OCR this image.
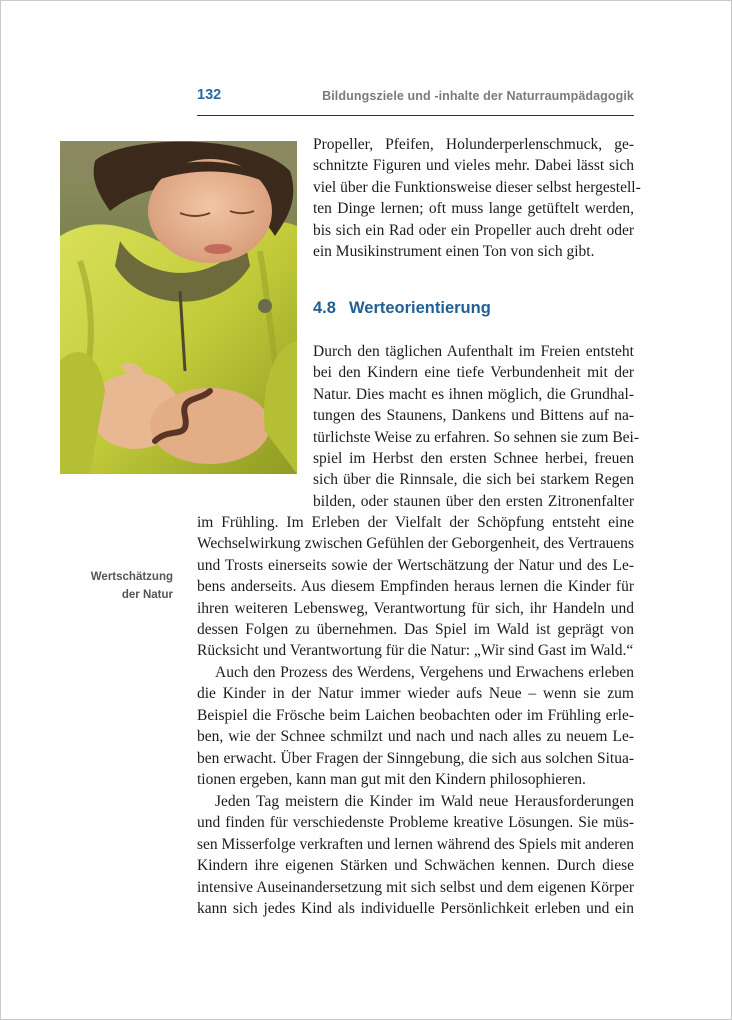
132	Bildungsziele und -inhalte der Naturraumpädagogik
Propeller, Pfeifen, Holunderperlenschmuck, ge-
schnitzte Figuren und vieles mehr. Dabei lässt sich
viel über die Funktionsweise dieser selbst hergestell-
ten Dinge lernen; oft muss lange getüftelt werden,
bis sich ein Rad oder ein Propeller auch dreht oder
ein Musikinstrument einen Ton von sich gibt.
4.8 Werteorientierung
Durch den täglichen Aufenthalt im Freien entsteht
bei den Kindern eine tiefe Verbundenheit mit der
Natur. Dies macht es ihnen möglich, die Grundhal-
tungen des Staunens, Dankens und Bittens auf na-
türlichste Weise zu erfahren. So sehnen sie zum Bei-
spiel im Herbst den ersten Schnee herbei, freuen
sich über die Rinnsale, die sich bei starkem Regen
bilden, oder staunen über den ersten Zitronenfalter
im Frühling. Im Erleben der Vielfalt der Schöpfung entsteht eine
Wechselwirkung zwischen Gefühlen der Geborgenheit, des Vertrauens
und Trosts einerseits sowie der Wertschätzung der Natur und des Le-
bens anderseits. Aus diesem Empfinden heraus lernen die Kinder für
ihren weiteren Lebensweg, Verantwortung für sich, ihr Handeln und
dessen Folgen zu übernehmen. Das Spiel im Wald ist geprägt von
Rücksicht und Verantwortung für die Natur: „Wir sind Gast im Wald.“
Wertschätzung
der Natur
Auch den Prozess des Werdens, Vergehens und Erwachens erleben
die Kinder in der Natur immer wieder aufs Neue – wenn sie zum
Beispiel die Frösche beim Laichen beobachten oder im Frühling erle-
ben, wie der Schnee schmilzt und nach und nach alles zu neuem Le-
ben erwacht. Über Fragen der Sinngebung, die sich aus solchen Situa-
tionen ergeben, kann man gut mit den Kindern philosophieren.
Jeden Tag meistern die Kinder im Wald neue Herausforderungen
und finden für verschiedenste Probleme kreative Lösungen. Sie müs-
sen Misserfolge verkraften und lernen während des Spiels mit anderen
Kindern ihre eigenen Stärken und Schwächen kennen. Durch diese
intensive Auseinandersetzung mit sich selbst und dem eigenen Körper
kann sich jedes Kind als individuelle Persönlichkeit erleben und ein
